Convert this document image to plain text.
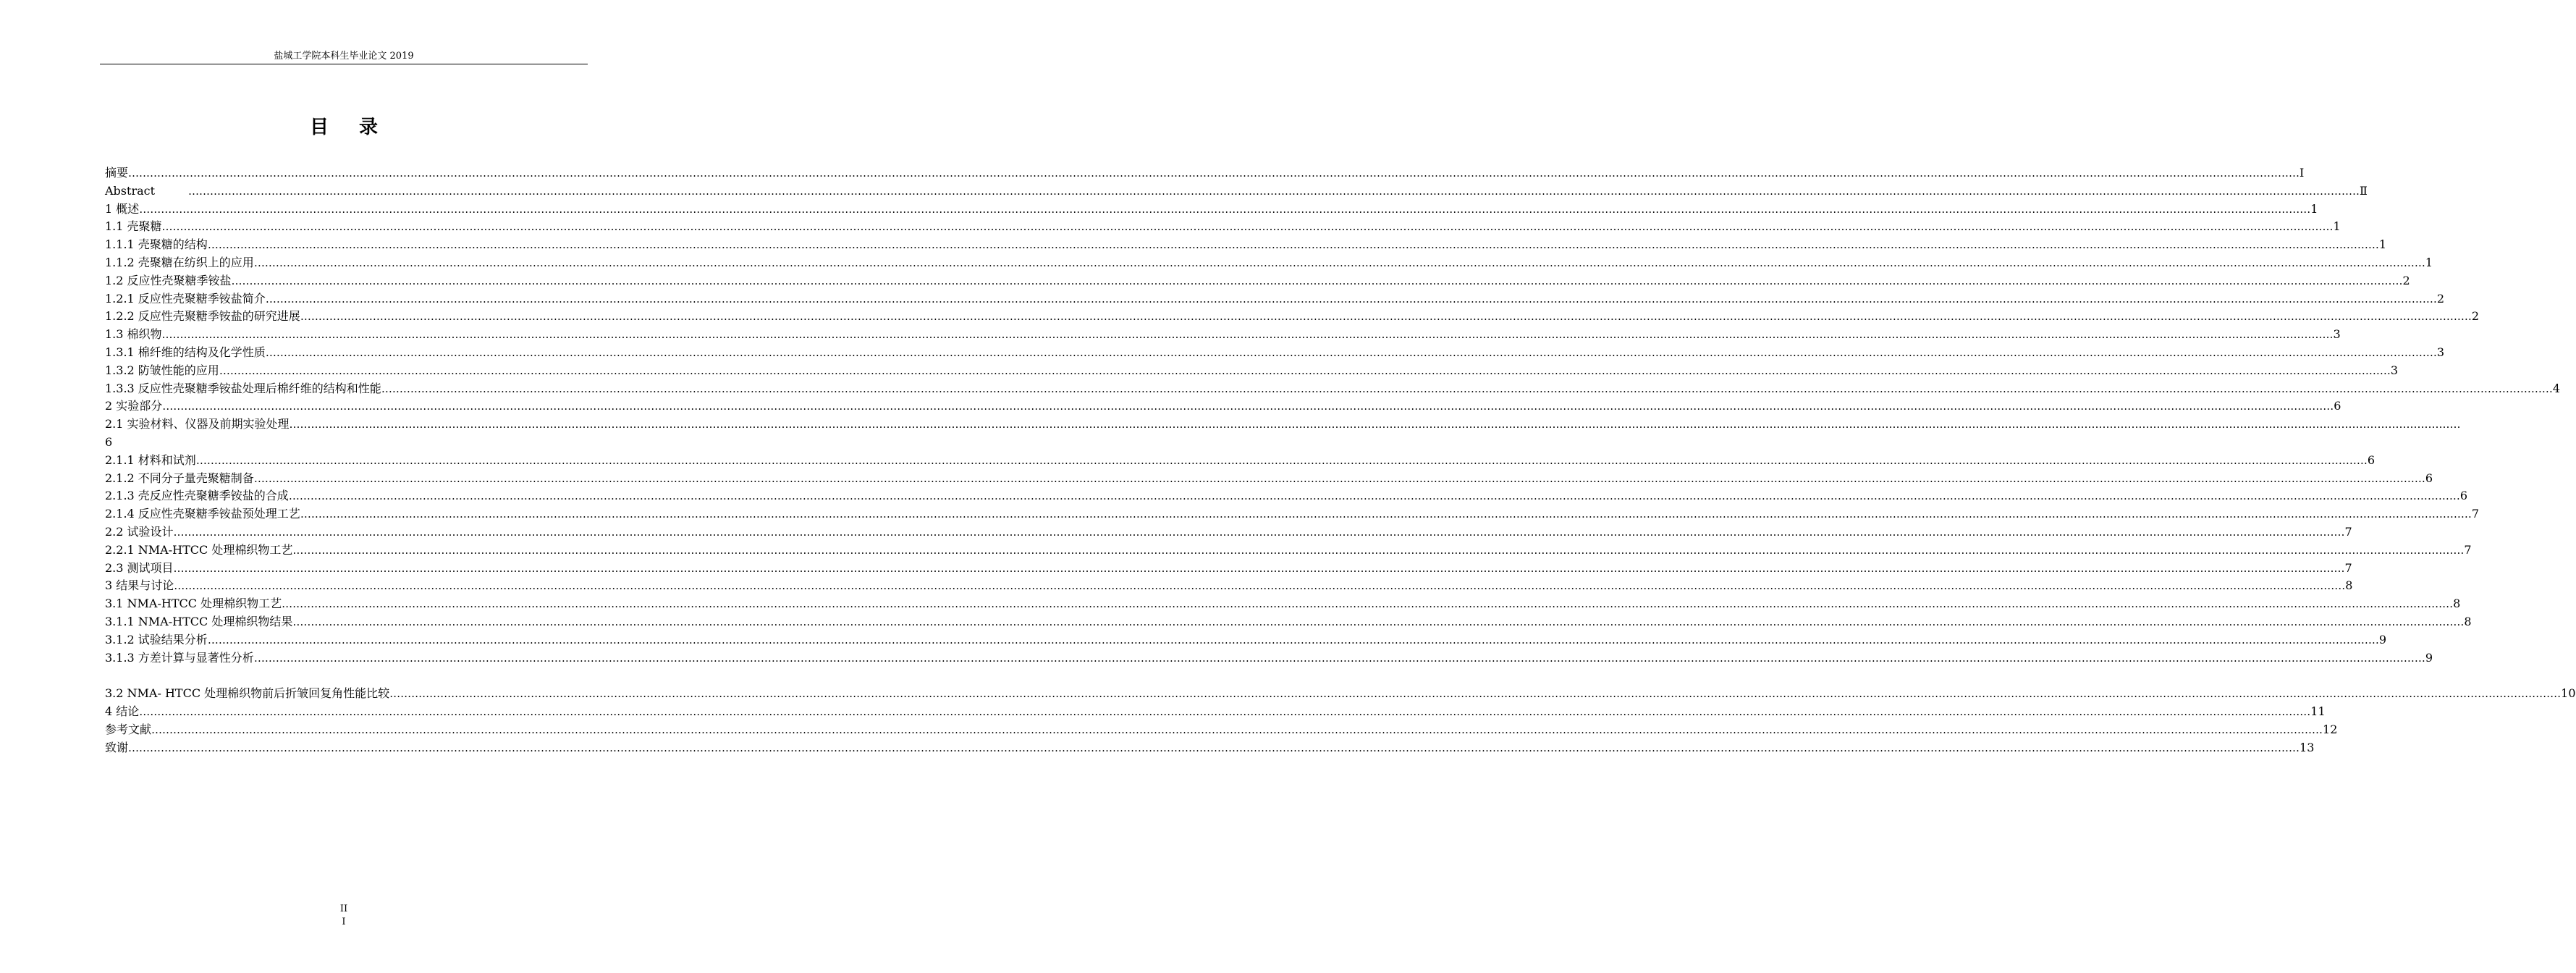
盐城工学院本科生毕业论文 2019
目录
摘要 …………………………………………………………………………………………………………………………………………………………………………………………………………………………………………………………………………………………………………………………………………………………………………………………………………………………………………………………………………………………………………………………………………………… Ⅰ
Abstract	…………………………………………………………………………………………………………………………………………………………………………………………………………………………………………………………………………………………………………………………………………………………………………………………………………………………………………………………………………………………………………………………………………………… Ⅱ
1 概述 …………………………………………………………………………………………………………………………………………………………………………………………………………………………………………………………………………………………………………………………………………………………………………………………………………………………………………………………………………………………………………………………………………………… 1
1.1 壳聚糖 …………………………………………………………………………………………………………………………………………………………………………………………………………………………………………………………………………………………………………………………………………………………………………………………………………………………………………………………………………………………………………………………………………………… 1
1.1.1 壳聚糖的结构 …………………………………………………………………………………………………………………………………………………………………………………………………………………………………………………………………………………………………………………………………………………………………………………………………………………………………………………………………………………………………………………………………………………… 1
1.1.2 壳聚糖在纺织上的应用 …………………………………………………………………………………………………………………………………………………………………………………………………………………………………………………………………………………………………………………………………………………………………………………………………………………………………………………………………………………………………………………………………………………… 1
1.2 反应性壳聚糖季铵盐 …………………………………………………………………………………………………………………………………………………………………………………………………………………………………………………………………………………………………………………………………………………………………………………………………………………………………………………………………………………………………………………………………………………… 2
1.2.1 反应性壳聚糖季铵盐简介 …………………………………………………………………………………………………………………………………………………………………………………………………………………………………………………………………………………………………………………………………………………………………………………………………………………………………………………………………………………………………………………………………………………… 2
1.2.2 反应性壳聚糖季铵盐的研究进展 …………………………………………………………………………………………………………………………………………………………………………………………………………………………………………………………………………………………………………………………………………………………………………………………………………………………………………………………………………………………………………………………………………………… 2
1.3 棉织物 …………………………………………………………………………………………………………………………………………………………………………………………………………………………………………………………………………………………………………………………………………………………………………………………………………………………………………………………………………………………………………………………………………………… 3
1.3.1 棉纤维的结构及化学性质 …………………………………………………………………………………………………………………………………………………………………………………………………………………………………………………………………………………………………………………………………………………………………………………………………………………………………………………………………………………………………………………………………………………… 3
1.3.2 防皱性能的应用 …………………………………………………………………………………………………………………………………………………………………………………………………………………………………………………………………………………………………………………………………………………………………………………………………………………………………………………………………………………………………………………………………………………… 3
1.3.3 反应性壳聚糖季铵盐处理后棉纤维的结构和性能 …………………………………………………………………………………………………………………………………………………………………………………………………………………………………………………………………………………………………………………………………………………………………………………………………………………………………………………………………………………………………………………………………………………… 4
2 实验部分 …………………………………………………………………………………………………………………………………………………………………………………………………………………………………………………………………………………………………………………………………………………………………………………………………………………………………………………………………………………………………………………………………………………… 6
2.1 实验材料、仪器及前期实验处理 ……………………………………………………………………………………………………………………………………………………………………………………………………………………………………………………………………………………………………………………………………………………………………………………………………………………………………………………………………………………………………………………………………………………
6
2.1.1 材料和试剂 …………………………………………………………………………………………………………………………………………………………………………………………………………………………………………………………………………………………………………………………………………………………………………………………………………………………………………………………………………………………………………………………………………………… 6
2.1.2 不同分子量壳聚糖制备 …………………………………………………………………………………………………………………………………………………………………………………………………………………………………………………………………………………………………………………………………………………………………………………………………………………………………………………………………………………………………………………………………………………… 6
2.1.3 壳反应性壳聚糖季铵盐的合成 …………………………………………………………………………………………………………………………………………………………………………………………………………………………………………………………………………………………………………………………………………………………………………………………………………………………………………………………………………………………………………………………………………………… 6
2.1.4 反应性壳聚糖季铵盐预处理工艺 …………………………………………………………………………………………………………………………………………………………………………………………………………………………………………………………………………………………………………………………………………………………………………………………………………………………………………………………………………………………………………………………………………………… 7
2.2 试验设计 …………………………………………………………………………………………………………………………………………………………………………………………………………………………………………………………………………………………………………………………………………………………………………………………………………………………………………………………………………………………………………………………………………………… 7
2.2.1 NMA-HTCC 处理棉织物工艺 …………………………………………………………………………………………………………………………………………………………………………………………………………………………………………………………………………………………………………………………………………………………………………………………………………………………………………………………………………………………………………………………………………………… 7
2.3 测试项目 …………………………………………………………………………………………………………………………………………………………………………………………………………………………………………………………………………………………………………………………………………………………………………………………………………………………………………………………………………………………………………………………………………………… 7
3 结果与讨论 …………………………………………………………………………………………………………………………………………………………………………………………………………………………………………………………………………………………………………………………………………………………………………………………………………………………………………………………………………………………………………………………………………………… 8
3.1 NMA-HTCC 处理棉织物工艺 …………………………………………………………………………………………………………………………………………………………………………………………………………………………………………………………………………………………………………………………………………………………………………………………………………………………………………………………………………………………………………………………………………………… 8
3.1.1 NMA-HTCC 处理棉织物结果 …………………………………………………………………………………………………………………………………………………………………………………………………………………………………………………………………………………………………………………………………………………………………………………………………………………………………………………………………………………………………………………………………………………… 8
3.1.2 试验结果分析 …………………………………………………………………………………………………………………………………………………………………………………………………………………………………………………………………………………………………………………………………………………………………………………………………………………………………………………………………………………………………………………………………………………… 9
3.1.3 方差计算与显著性分析 …………………………………………………………………………………………………………………………………………………………………………………………………………………………………………………………………………………………………………………………………………………………………………………………………………………………………………………………………………………………………………………………………………………… 9
3.2 NMA- HTCC 处理棉织物前后折皱回复角性能比较 …………………………………………………………………………………………………………………………………………………………………………………………………………………………………………………………………………………………………………………………………………………………………………………………………………………………………………………………………………………………………………………………………………………… 10
4 结论 …………………………………………………………………………………………………………………………………………………………………………………………………………………………………………………………………………………………………………………………………………………………………………………………………………………………………………………………………………………………………………………………………………………… 11
参考文献 …………………………………………………………………………………………………………………………………………………………………………………………………………………………………………………………………………………………………………………………………………………………………………………………………………………………………………………………………………………………………………………………………………………… 12
致谢 …………………………………………………………………………………………………………………………………………………………………………………………………………………………………………………………………………………………………………………………………………………………………………………………………………………………………………………………………………………………………………………………………………………… 13
II
I
